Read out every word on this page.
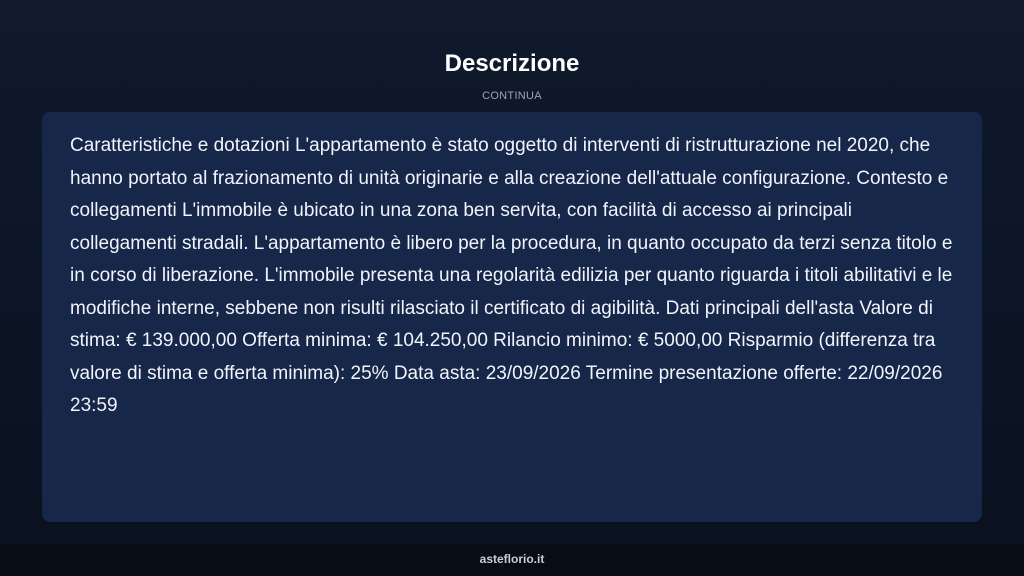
Descrizione
CONTINUA

Caratteristiche e dotazioni L'appartamento è stato oggetto di interventi di ristrutturazione nel 2020, che hanno portato al frazionamento di unità originarie e alla creazione dell'attuale configurazione. Contesto e collegamenti L'immobile è ubicato in una zona ben servita, con facilità di accesso ai principali collegamenti stradali. L'appartamento è libero per la procedura, in quanto occupato da terzi senza titolo e in corso di liberazione. L'immobile presenta una regolarità edilizia per quanto riguarda i titoli abilitativi e le modifiche interne, sebbene non risulti rilasciato il certificato di agibilità. Dati principali dell'asta Valore di stima: € 139.000,00 Offerta minima: € 104.250,00 Rilancio minimo: € 5000,00 Risparmio (differenza tra valore di stima e offerta minima): 25% Data asta: 23/09/2026 Termine presentazione offerte: 22/09/2026 23:59

asteflorio.it
